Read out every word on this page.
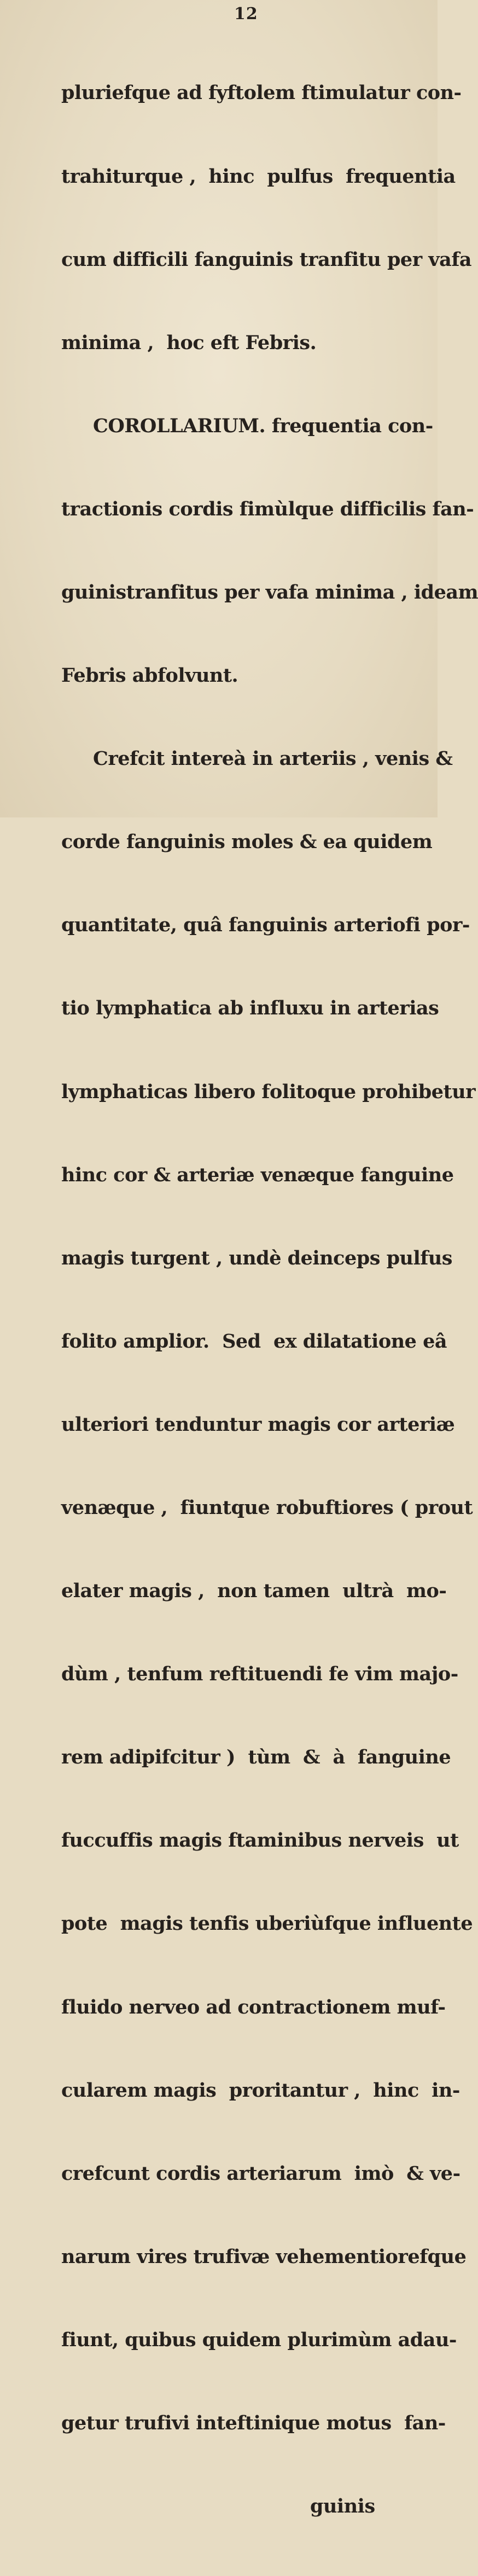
12

pluriefque ad fyftolem ftimulatur con-

trahiturque ,  hinc  pulfus  frequentia

cum difficili fanguinis tranfitu per vafa

minima ,  hoc eft Febris.

COROLLARIUM. frequentia con-

tractionis cordis fimùlque difficilis fan-

guinistranfitus per vafa minima , ideam

Febris abfolvunt.

Crefcit intereà in arteriis , venis &

corde fanguinis moles & ea quidem

quantitate, quâ fanguinis arteriofi por-

tio lymphatica ab influxu in arterias

lymphaticas libero folitoque prohibetur

hinc cor & arteriæ venæque fanguine

magis turgent , undè deinceps pulfus

folito amplior.  Sed  ex dilatatione eâ

ulteriori tenduntur magis cor arteriæ

venæque ,  fiuntque robuftiores ( prout

elater magis ,  non tamen  ultrà  mo-

dùm , tenfum reftituendi fe vim majo-

rem adipifcitur )  tùm  &  à  fanguine

fuccuffis magis ftaminibus nerveis  ut

pote  magis tenfis uberiùfque influente

fluido nerveo ad contractionem muf-

cularem magis  proritantur ,  hinc  in-

crefcunt cordis arteriarum  imò  & ve-

narum vires trufivæ vehementiorefque

fiunt, quibus quidem plurimùm adau-

getur trufivi inteftinique motus  fan-

guinis
